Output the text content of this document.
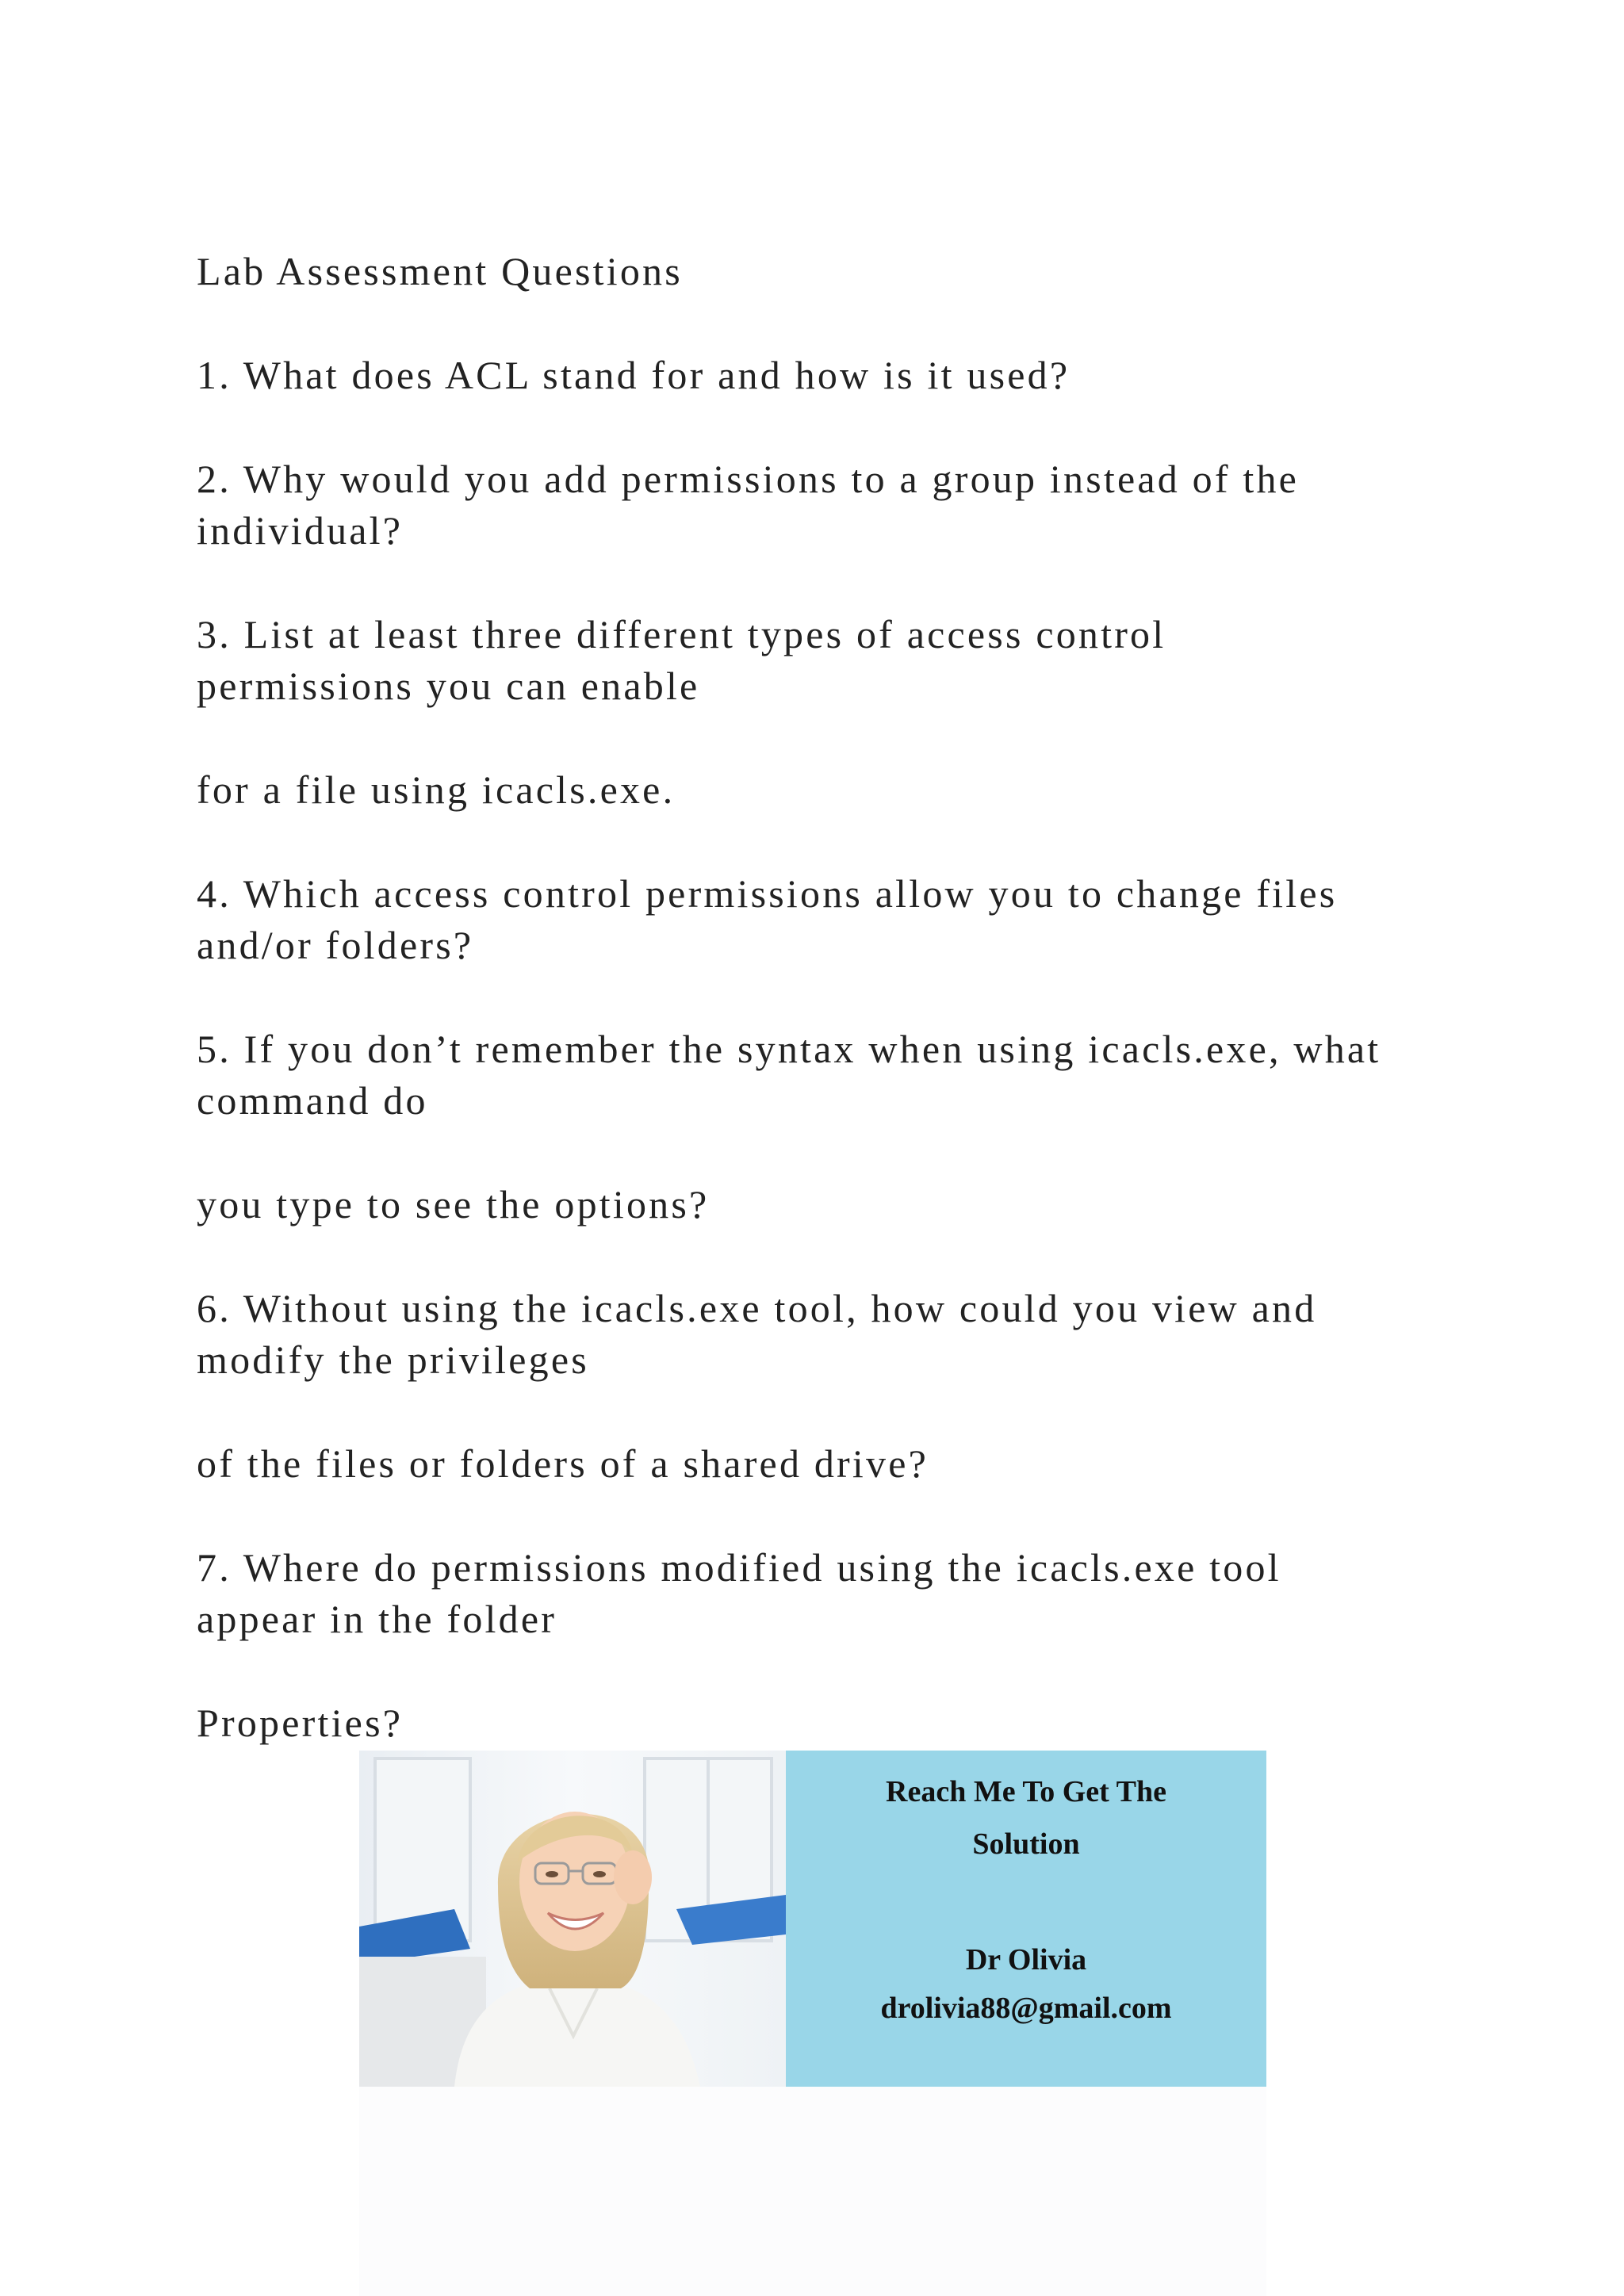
Lab Assessment Questions
1. What does ACL stand for and how is it used?
2. Why would you add permissions to a group instead of the
individual?
3. List at least three different types of access control
permissions you can enable
for a file using icacls.exe.
4. Which access control permissions allow you to change files
and/or folders?
5. If you don’t remember the syntax when using icacls.exe, what
command do
you type to see the options?
6. Without using the icacls.exe tool, how could you view and
modify the privileges
of the files or folders of a shared drive?
7. Where do permissions modified using the icacls.exe tool
appear in the folder
Properties?
Reach Me To Get The
Solution
Dr Olivia
drolivia88@gmail.com
